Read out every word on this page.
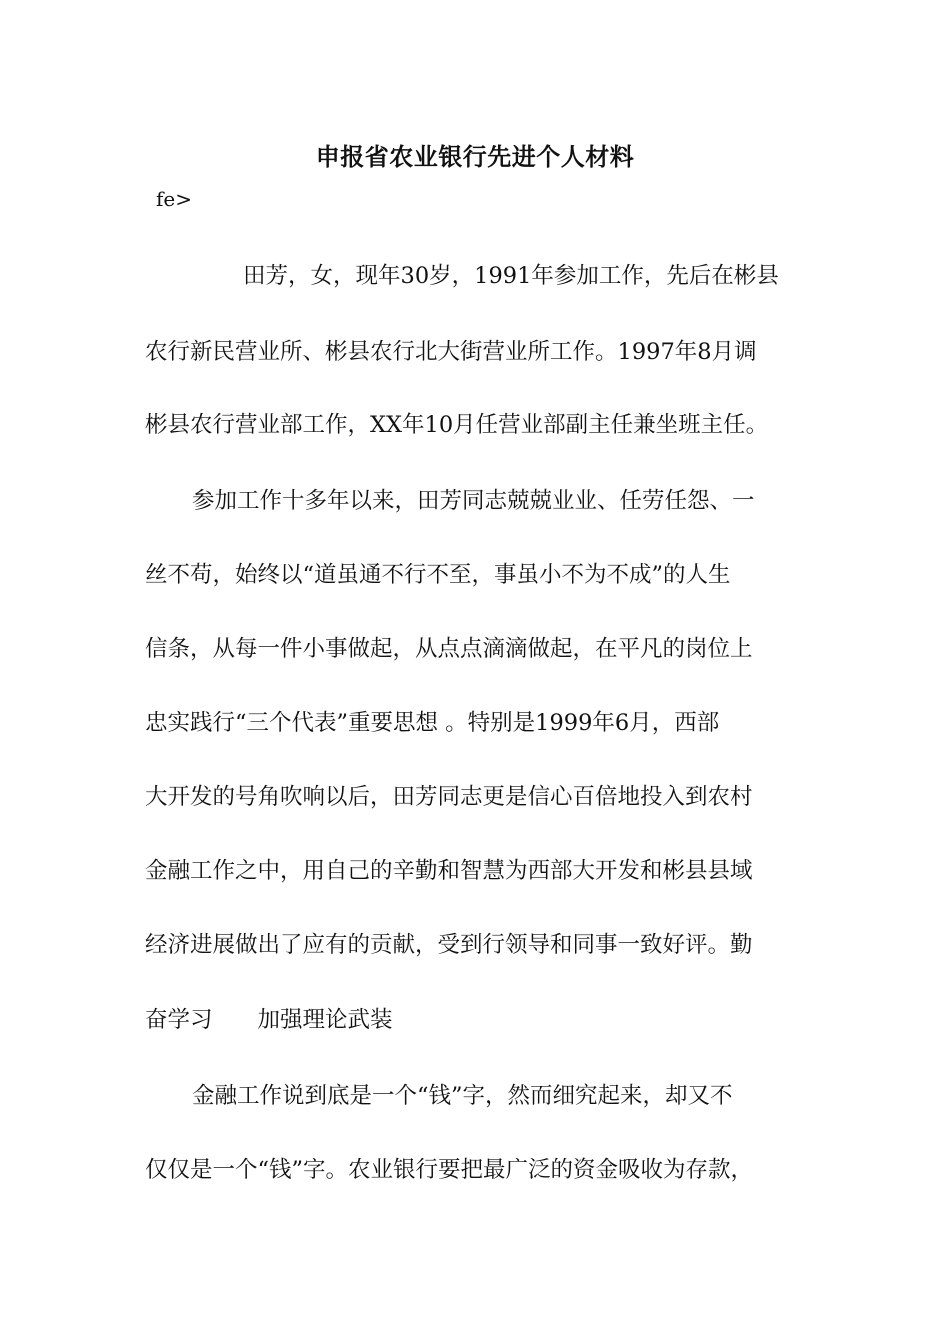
申报省农业银行先进个人材料
fe>
田芳，女，现年30岁，1991年参加工作，先后在彬县
农行新民营业所、彬县农行北大街营业所工作。1997年8月调
彬县农行营业部工作，XX年10月任营业部副主任兼坐班主任。
参加工作十多年以来，田芳同志兢兢业业、任劳任怨、一
丝不苟，始终以“道虽通不行不至，事虽小不为不成”的人生
信条，从每一件小事做起，从点点滴滴做起，在平凡的岗位上
忠实践行“三个代表”重要思想 。特别是1999年6月，西部
大开发的号角吹响以后，田芳同志更是信心百倍地投入到农村
金融工作之中，用自己的辛勤和智慧为西部大开发和彬县县域
经济进展做出了应有的贡献，受到行领导和同事一致好评。勤
奋学习　　加强理论武装
金融工作说到底是一个“钱”字，然而细究起来，却又不
仅仅是一个“钱”字。农业银行要把最广泛的资金吸收为存款，
